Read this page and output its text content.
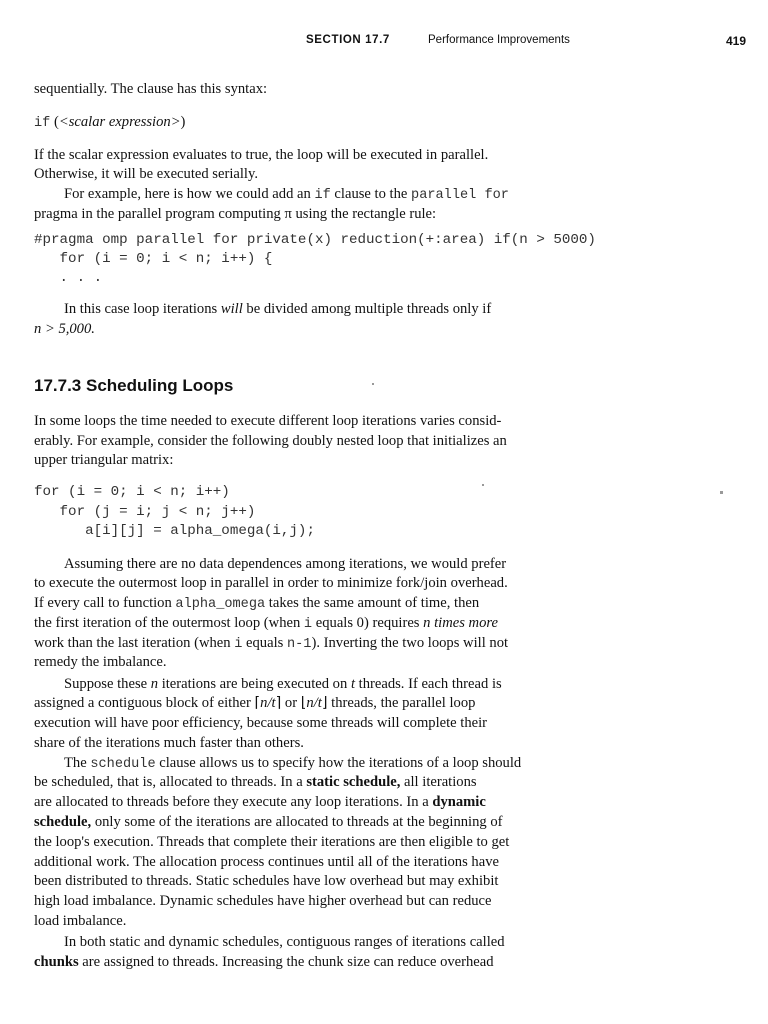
SECTION 17.7	Performance Improvements	419
sequentially. The clause has this syntax:
if (<scalar expression>)
If the scalar expression evaluates to true, the loop will be executed in parallel.
Otherwise, it will be executed serially.
For example, here is how we could add an if clause to the parallel for
pragma in the parallel program computing π using the rectangle rule:
#pragma omp parallel for private(x) reduction(+:area) if(n > 5000)
for (i = 0; i < n; i++) {
. . .
In this case loop iterations will be divided among multiple threads only if
n > 5,000.
17.7.3 Scheduling Loops
In some loops the time needed to execute different loop iterations varies consid-
erably. For example, consider the following doubly nested loop that initializes an
upper triangular matrix:
for (i = 0; i < n; i++)
for (j = i; j < n; j++)
a[i][j] = alpha_omega(i,j);
Assuming there are no data dependences among iterations, we would prefer
to execute the outermost loop in parallel in order to minimize fork/join overhead.
If every call to function alpha_omega takes the same amount of time, then
the first iteration of the outermost loop (when i equals 0) requires n times more
work than the last iteration (when i equals n-1). Inverting the two loops will not
remedy the imbalance.
Suppose these n iterations are being executed on t threads. If each thread is
assigned a contiguous block of either ⌈n/t⌉ or ⌊n/t⌋ threads, the parallel loop
execution will have poor efficiency, because some threads will complete their
share of the iterations much faster than others.
The schedule clause allows us to specify how the iterations of a loop should
be scheduled, that is, allocated to threads. In a static schedule, all iterations
are allocated to threads before they execute any loop iterations. In a dynamic
schedule, only some of the iterations are allocated to threads at the beginning of
the loop's execution. Threads that complete their iterations are then eligible to get
additional work. The allocation process continues until all of the iterations have
been distributed to threads. Static schedules have low overhead but may exhibit
high load imbalance. Dynamic schedules have higher overhead but can reduce
load imbalance.
In both static and dynamic schedules, contiguous ranges of iterations called
chunks are assigned to threads. Increasing the chunk size can reduce overhead
